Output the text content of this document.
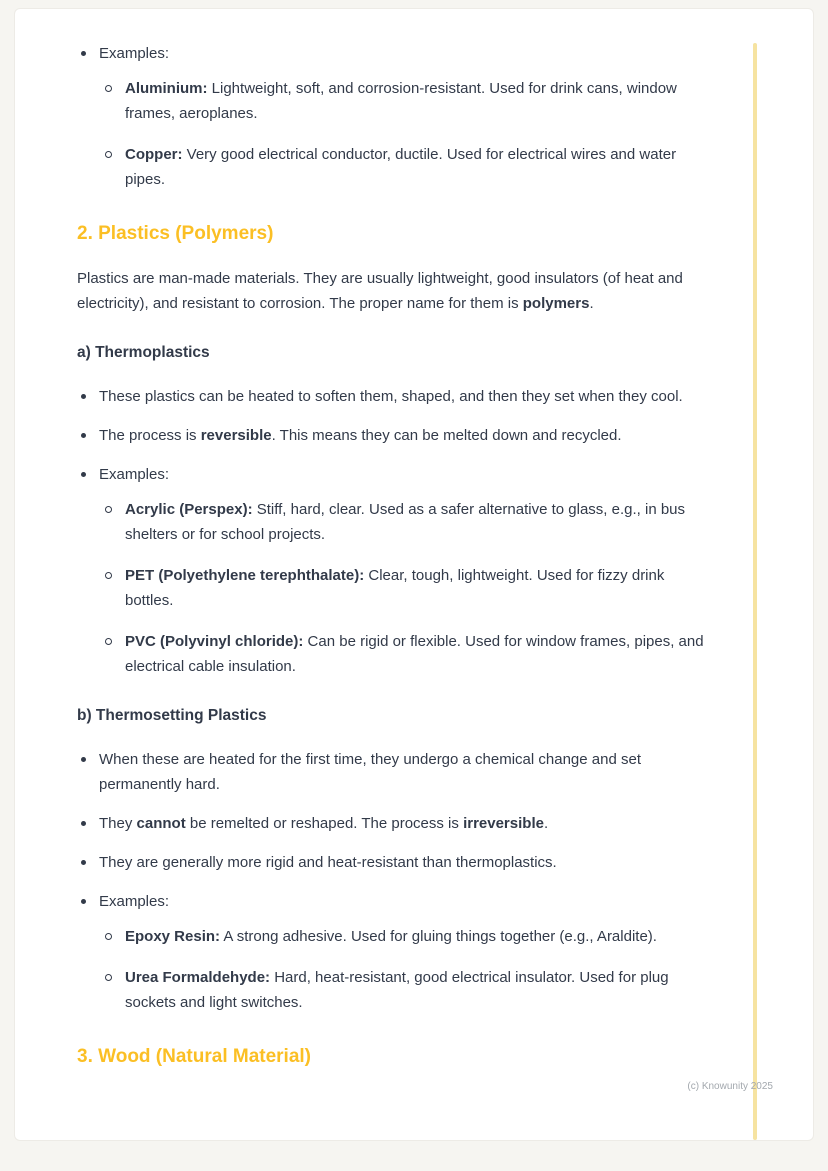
Examples:
Aluminium: Lightweight, soft, and corrosion-resistant. Used for drink cans, window frames, aeroplanes.
Copper: Very good electrical conductor, ductile. Used for electrical wires and water pipes.
2. Plastics (Polymers)

Plastics are man-made materials. They are usually lightweight, good insulators (of heat and electricity), and resistant to corrosion. The proper name for them is polymers.

a) Thermoplastics
These plastics can be heated to soften them, shaped, and then they set when they cool.
The process is reversible. This means they can be melted down and recycled.
Examples:
Acrylic (Perspex): Stiff, hard, clear. Used as a safer alternative to glass, e.g., in bus shelters or for school projects.
PET (Polyethylene terephthalate): Clear, tough, lightweight. Used for fizzy drink bottles.
PVC (Polyvinyl chloride): Can be rigid or flexible. Used for window frames, pipes, and electrical cable insulation.
b) Thermosetting Plastics
When these are heated for the first time, they undergo a chemical change and set permanently hard.
They cannot be remelted or reshaped. The process is irreversible.
They are generally more rigid and heat-resistant than thermoplastics.
Examples:
Epoxy Resin: A strong adhesive. Used for gluing things together (e.g., Araldite).
Urea Formaldehyde: Hard, heat-resistant, good electrical insulator. Used for plug sockets and light switches.
3. Wood (Natural Material)
(c) Knowunity 2025
